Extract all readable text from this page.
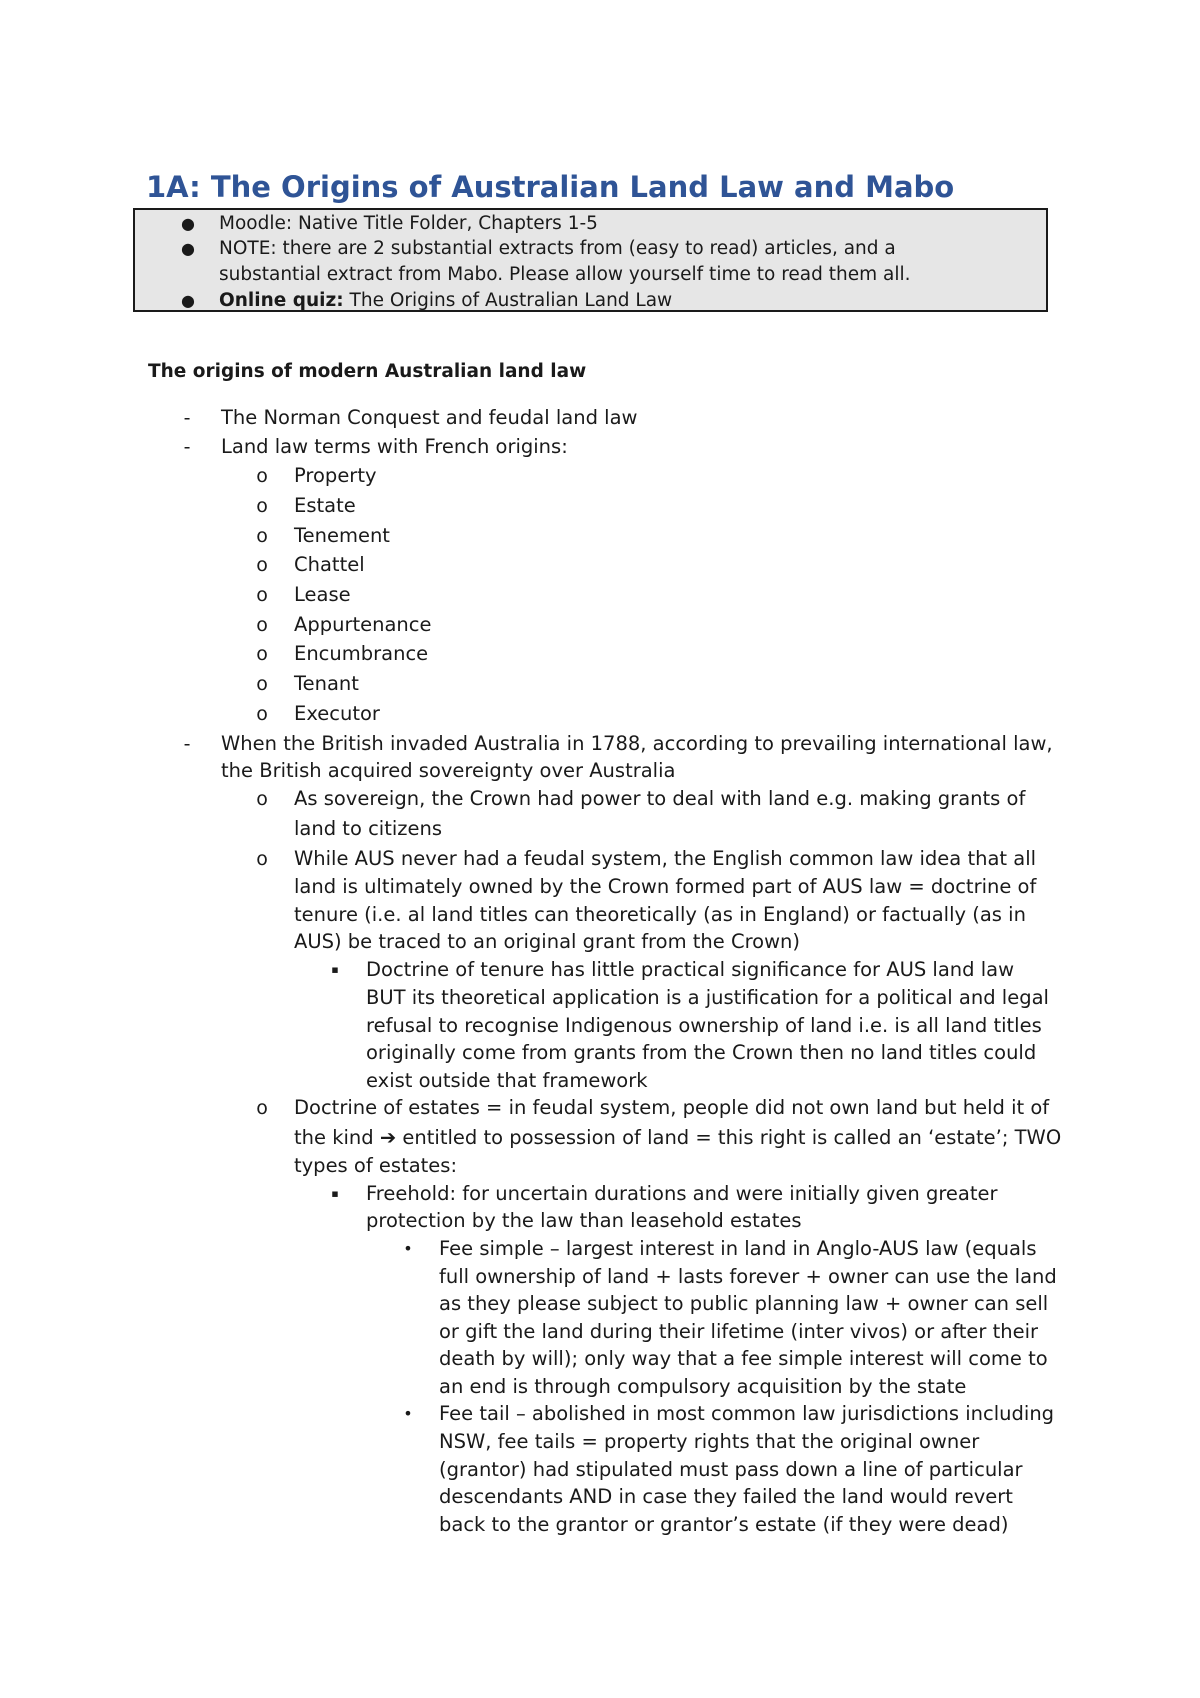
1A: The Origins of Australian Land Law and Mabo
● Moodle: Native Title Folder, Chapters 1-5
● NOTE: there are 2 substantial extracts from (easy to read) articles, and a
substantial extract from Mabo. Please allow yourself time to read them all.
● Online quiz: The Origins of Australian Land Law
The origins of modern Australian land law
- The Norman Conquest and feudal land law
- Land law terms with French origins:
o Property
o Estate
o Tenement
o Chattel
o Lease
o Appurtenance
o Encumbrance
o Tenant
o Executor
- When the British invaded Australia in 1788, according to prevailing international law,
the British acquired sovereignty over Australia
o As sovereign, the Crown had power to deal with land e.g. making grants of
land to citizens
o While AUS never had a feudal system, the English common law idea that all
land is ultimately owned by the Crown formed part of AUS law = doctrine of
tenure (i.e. al land titles can theoretically (as in England) or factually (as in
AUS) be traced to an original grant from the Crown)
▪ Doctrine of tenure has little practical significance for AUS land law
BUT its theoretical application is a justification for a political and legal
refusal to recognise Indigenous ownership of land i.e. is all land titles
originally come from grants from the Crown then no land titles could
exist outside that framework
o Doctrine of estates = in feudal system, people did not own land but held it of
the kind ➔ entitled to possession of land = this right is called an ‘estate’; TWO
types of estates:
▪ Freehold: for uncertain durations and were initially given greater
protection by the law than leasehold estates
• Fee simple – largest interest in land in Anglo-AUS law (equals
full ownership of land + lasts forever + owner can use the land
as they please subject to public planning law + owner can sell
or gift the land during their lifetime (inter vivos) or after their
death by will); only way that a fee simple interest will come to
an end is through compulsory acquisition by the state
• Fee tail – abolished in most common law jurisdictions including
NSW, fee tails = property rights that the original owner
(grantor) had stipulated must pass down a line of particular
descendants AND in case they failed the land would revert
back to the grantor or grantor’s estate (if they were dead)
